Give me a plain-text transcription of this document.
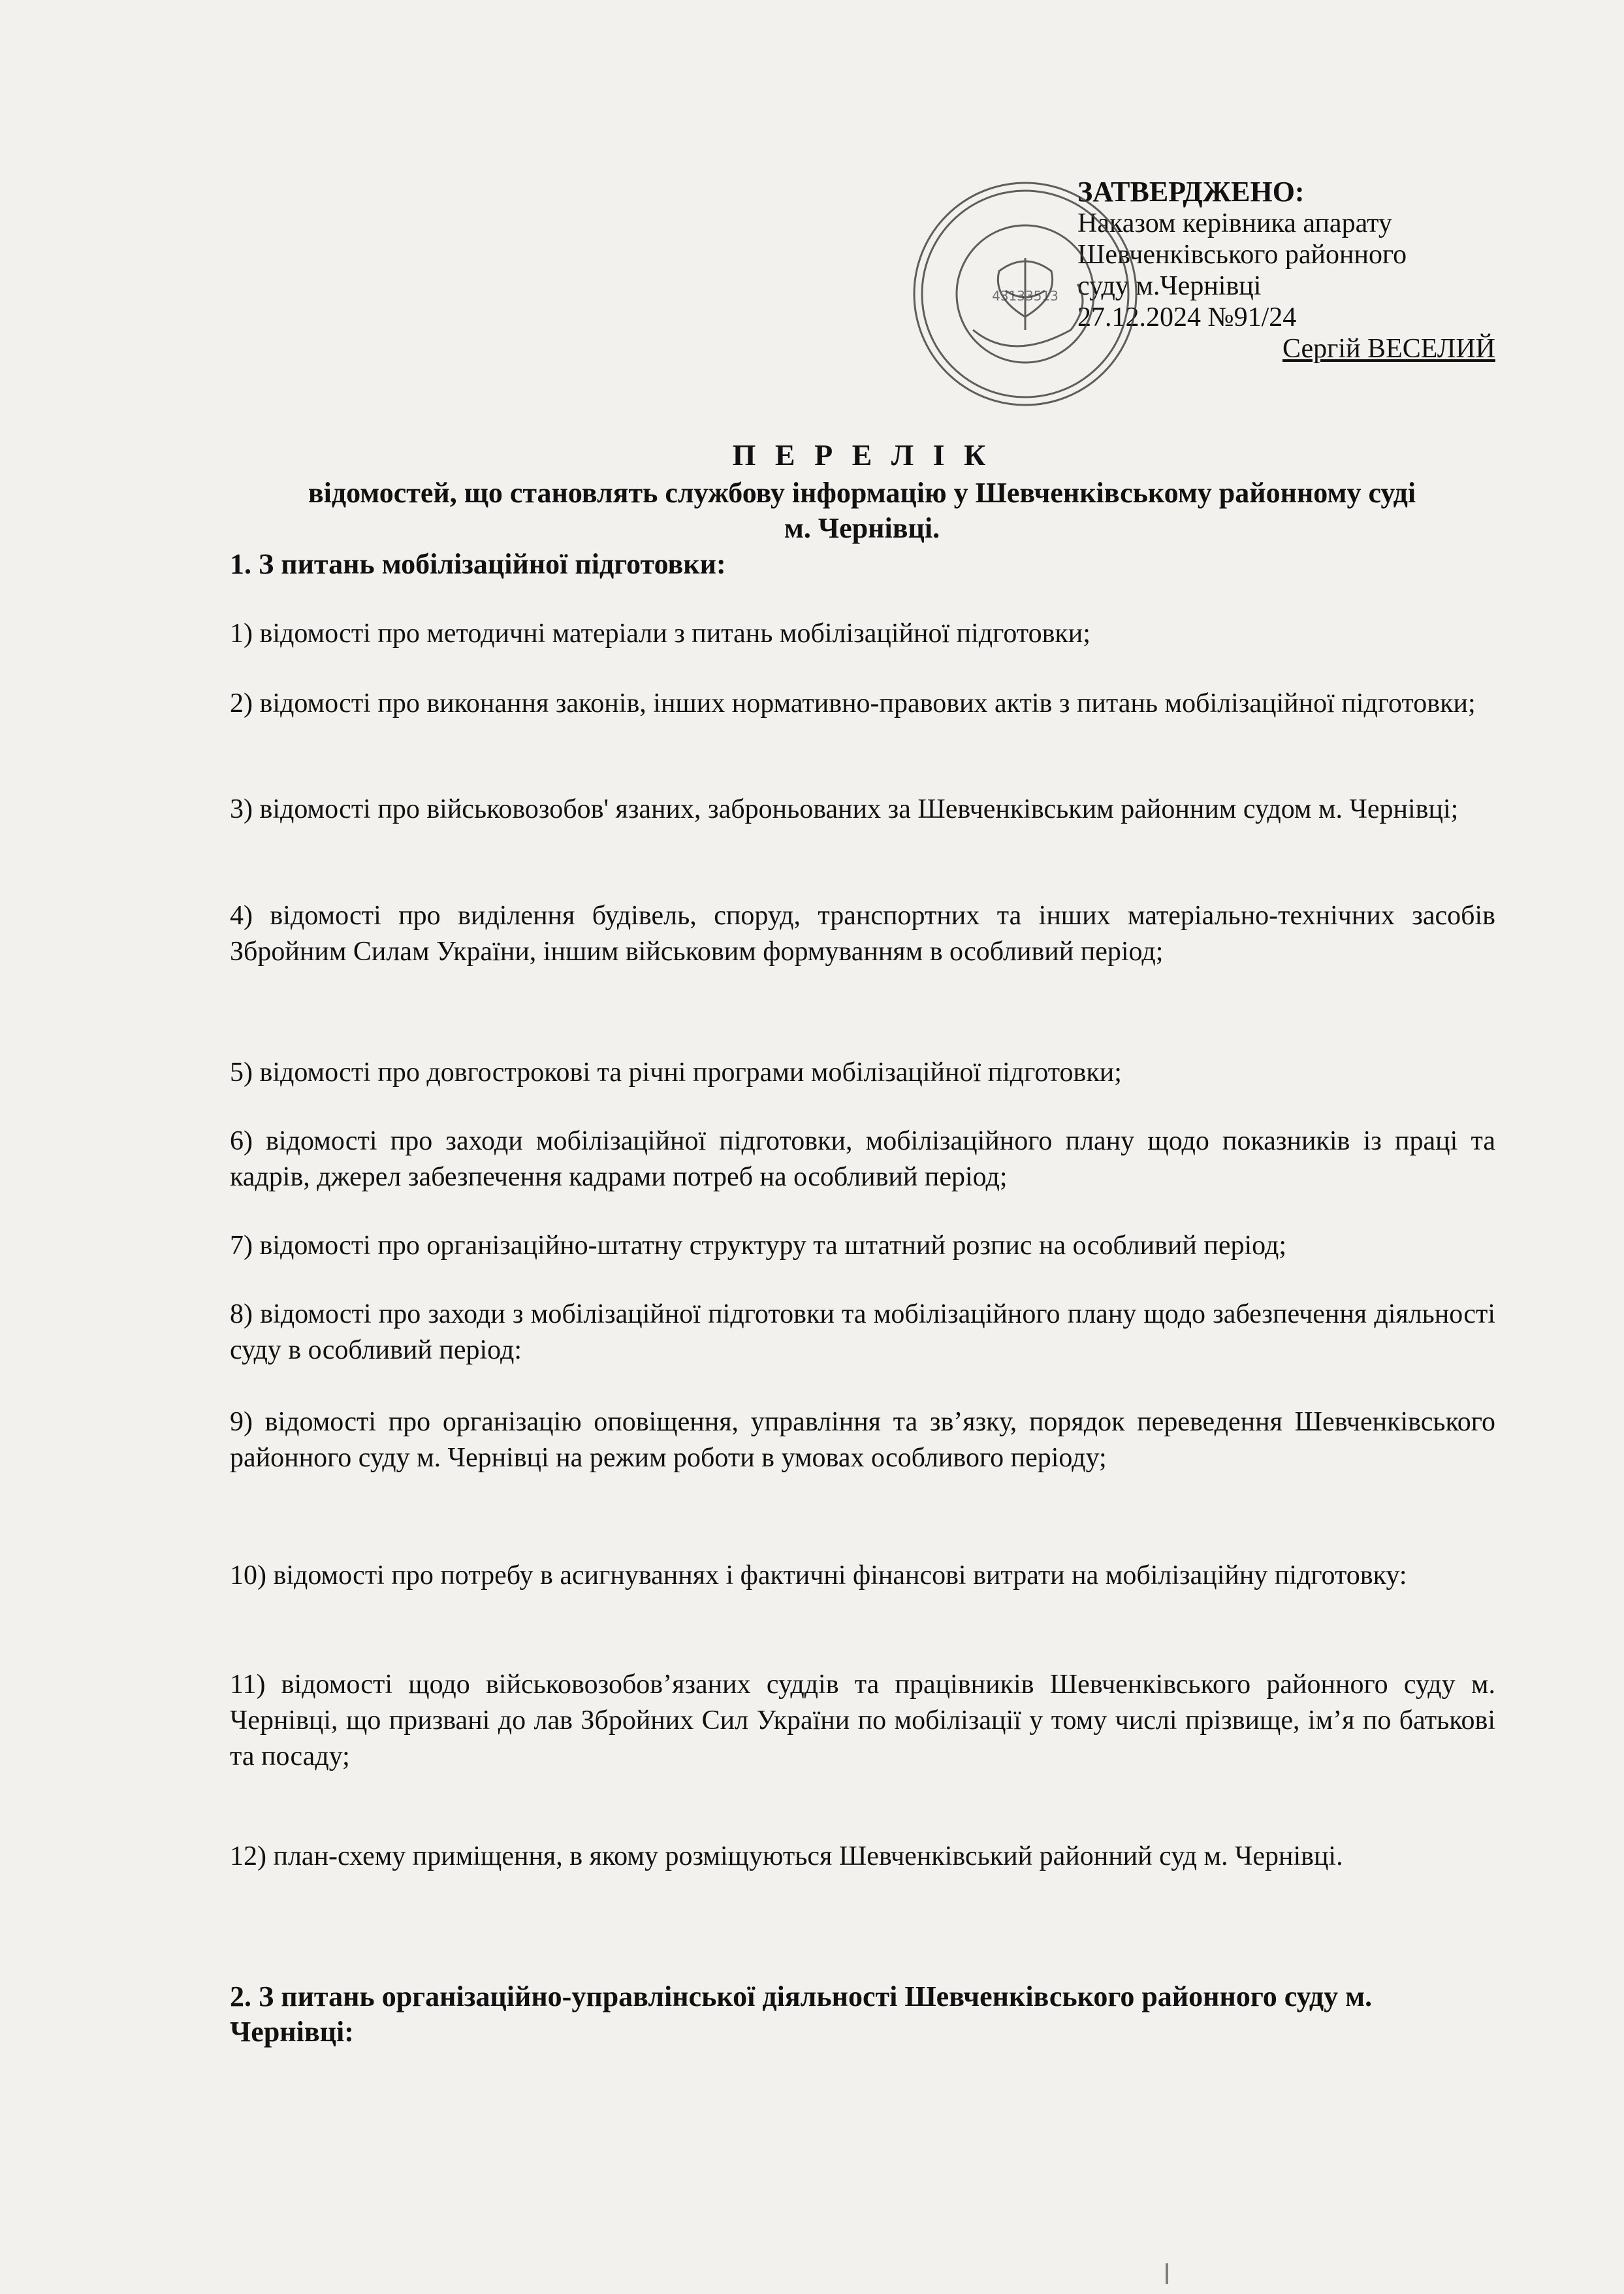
ЗАТВЕРДЖЕНО:
Наказом керівника апарату
Шевченківського районного
суду м.Чернівці
27.12.2024 №91/24
Сергій ВЕСЕЛИЙ
43133513
П Е Р Е Л І К
відомостей, що становлять службову інформацію у Шевченківському районному суді
м. Чернівці.
1. З питань мобілізаційної підготовки:
1) відомості про методичні матеріали з питань мобілізаційної підготовки;
2) відомості про виконання законів, інших нормативно-правових актів з питань мобілізаційної підготовки;
3) відомості про військовозобов' язаних, заброньованих за Шевченківським районним судом м. Чернівці;
4) відомості про виділення будівель, споруд, транспортних та інших матеріально-технічних засобів Збройним Силам України, іншим військовим формуванням в особливий період;
5) відомості про довгострокові та річні програми мобілізаційної підготовки;
6) відомості про заходи мобілізаційної підготовки, мобілізаційного плану щодо показників із праці та кадрів, джерел забезпечення кадрами потреб на особливий період;
7) відомості про організаційно-штатну структуру та штатний розпис на особливий період;
8) відомості про заходи з мобілізаційної підготовки та мобілізаційного плану щодо забезпечення діяльності суду в особливий період:
9) відомості про організацію оповіщення, управління та зв’язку, порядок переведення Шевченківського районного суду м. Чернівці на режим роботи в умовах особливого періоду;
10) відомості про потребу в асигнуваннях і фактичні фінансові витрати на мобілізаційну підготовку:
11) відомості щодо військовозобов’язаних суддів та працівників Шевченківського районного суду м. Чернівці, що призвані до лав Збройних Сил України по мобілізації у тому числі прізвище, ім’я по батькові та посаду;
12) план-схему приміщення, в якому розміщуються Шевченківський районний суд м. Чернівці.
2. З питань організаційно-управлінської діяльності Шевченківського районного суду м. Чернівці:
